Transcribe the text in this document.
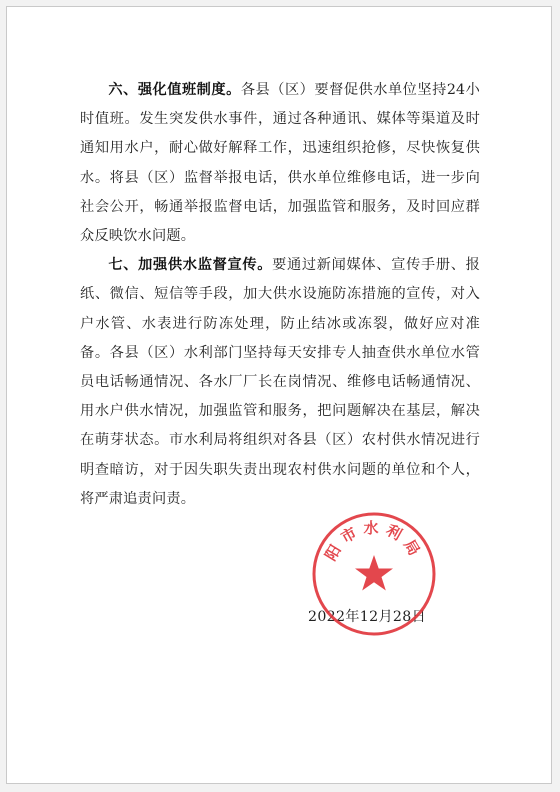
六、强化值班制度。各县（区）要督促供水单位坚持24小时值班。发生突发供水事件，通过各种通讯、媒体等渠道及时通知用水户，耐心做好解释工作，迅速组织抢修，尽快恢复供水。将县（区）监督举报电话，供水单位维修电话，进一步向社会公开，畅通举报监督电话，加强监管和服务，及时回应群众反映饮水问题。

七、加强供水监督宣传。要通过新闻媒体、宣传手册、报纸、微信、短信等手段，加大供水设施防冻措施的宣传，对入户水管、水表进行防冻处理，防止结冰或冻裂，做好应对准备。各县（区）水利部门坚持每天安排专人抽查供水单位水管员电话畅通情况、各水厂厂长在岗情况、维修电话畅通情况、用水户供水情况，加强监管和服务，把问题解决在基层，解决在萌芽状态。市水利局将组织对各县（区）农村供水情况进行明查暗访，对于因失职失责出现农村供水问题的单位和个人，将严肃追责问责。

2022年12月28日
阳市水利局
